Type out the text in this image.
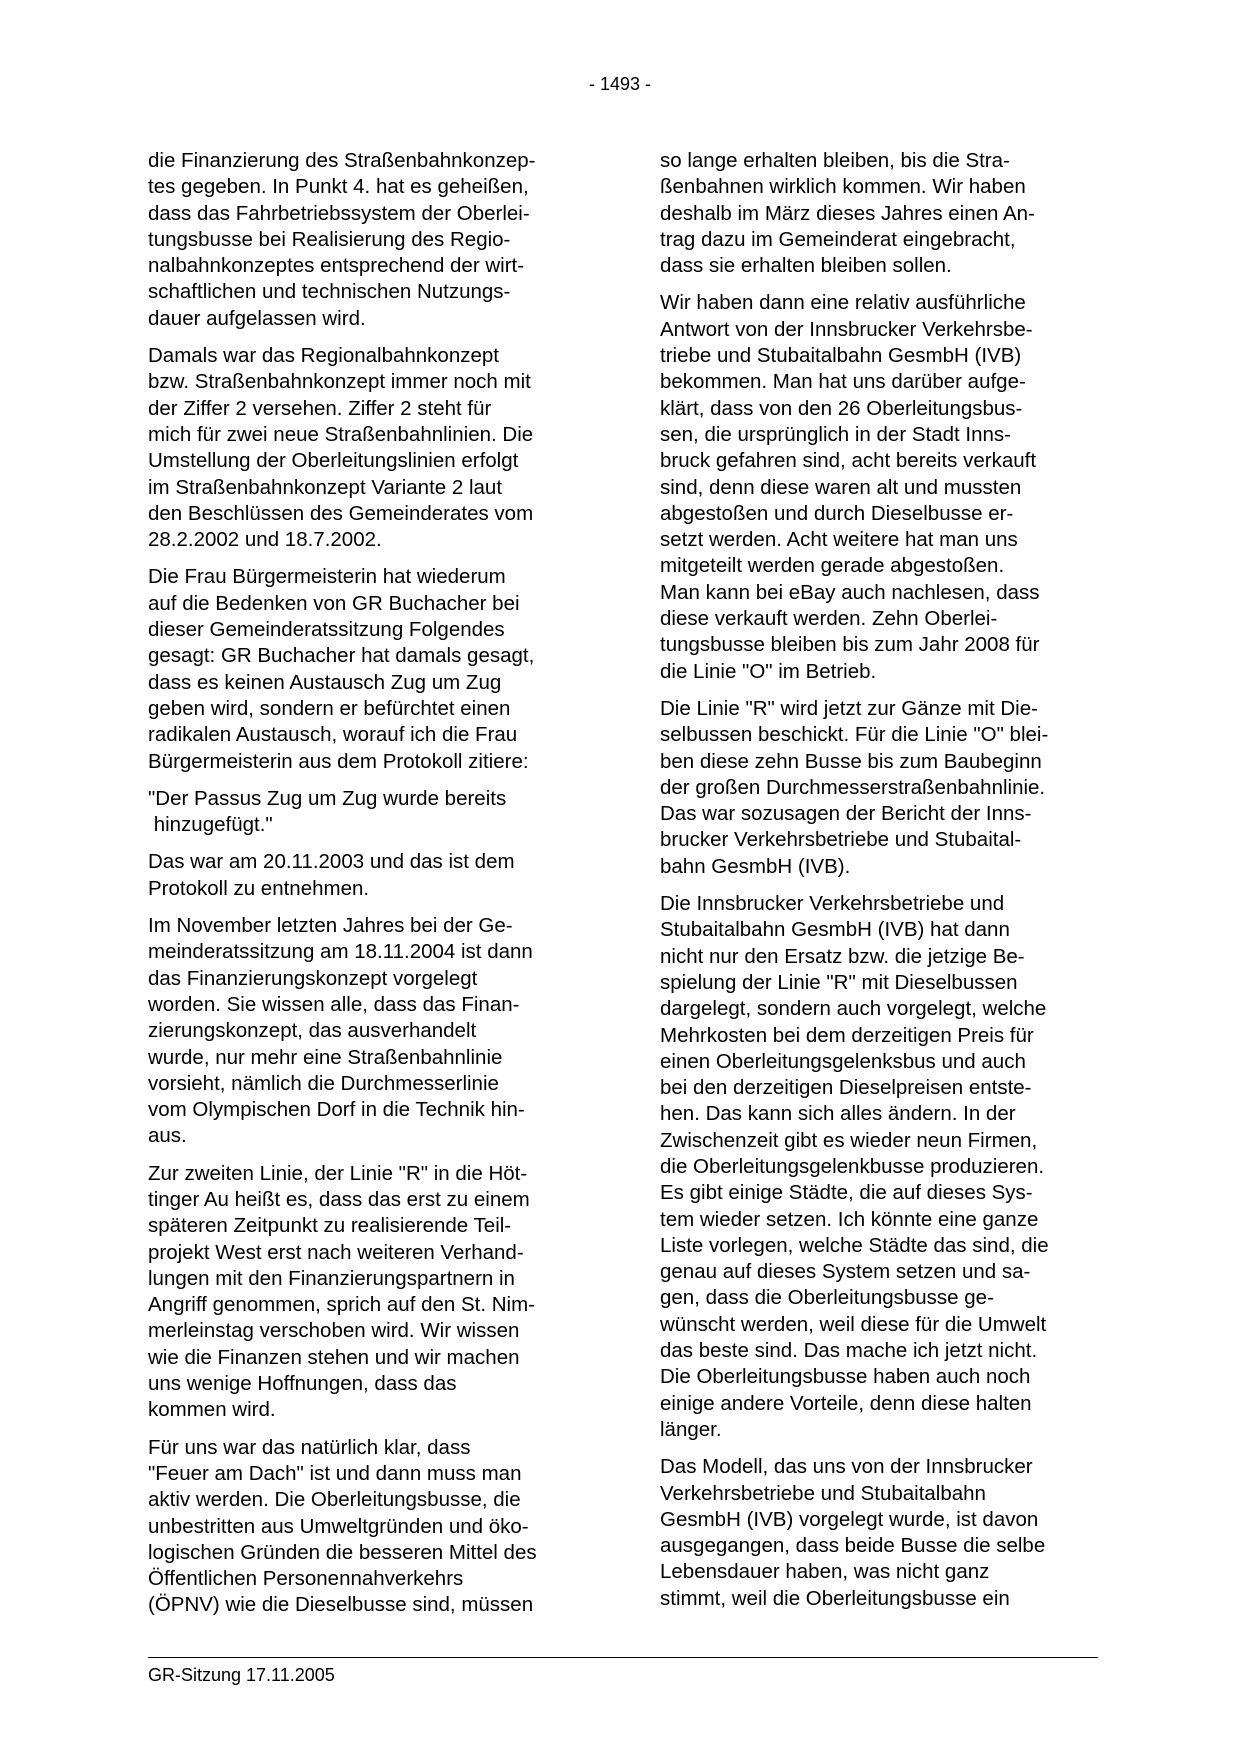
- 1493 -

die Finanzierung des Straßenbahnkonzep-
tes gegeben. In Punkt 4. hat es geheißen,
dass das Fahrbetriebssystem der Oberlei-
tungsbusse bei Realisierung des Regio-
nalbahnkonzeptes entsprechend der wirt-
schaftlichen und technischen Nutzungs-
dauer aufgelassen wird.

Damals war das Regionalbahnkonzept
bzw. Straßenbahnkonzept immer noch mit
der Ziffer 2 versehen. Ziffer 2 steht für
mich für zwei neue Straßenbahnlinien. Die
Umstellung der Oberleitungslinien erfolgt
im Straßenbahnkonzept Variante 2 laut
den Beschlüssen des Gemeinderates vom
28.2.2002 und 18.7.2002.

Die Frau Bürgermeisterin hat wiederum
auf die Bedenken von GR Buchacher bei
dieser Gemeinderatssitzung Folgendes
gesagt: GR Buchacher hat damals gesagt,
dass es keinen Austausch Zug um Zug
geben wird, sondern er befürchtet einen
radikalen Austausch, worauf ich die Frau
Bürgermeisterin aus dem Protokoll zitiere:

"Der Passus Zug um Zug wurde bereits
hinzugefügt."

Das war am 20.11.2003 und das ist dem
Protokoll zu entnehmen.

Im November letzten Jahres bei der Ge-
meinderatssitzung am 18.11.2004 ist dann
das Finanzierungskonzept vorgelegt
worden. Sie wissen alle, dass das Finan-
zierungskonzept, das ausverhandelt
wurde, nur mehr eine Straßenbahnlinie
vorsieht, nämlich die Durchmesserlinie
vom Olympischen Dorf in die Technik hin-
aus.

Zur zweiten Linie, der Linie "R" in die Höt-
tinger Au heißt es, dass das erst zu einem
späteren Zeitpunkt zu realisierende Teil-
projekt West erst nach weiteren Verhand-
lungen mit den Finanzierungspartnern in
Angriff genommen, sprich auf den St. Nim-
merleinstag verschoben wird. Wir wissen
wie die Finanzen stehen und wir machen
uns wenige Hoffnungen, dass das
kommen wird.

Für uns war das natürlich klar, dass
"Feuer am Dach" ist und dann muss man
aktiv werden. Die Oberleitungsbusse, die
unbestritten aus Umweltgründen und öko-
logischen Gründen die besseren Mittel des
Öffentlichen Personennahverkehrs
(ÖPNV) wie die Dieselbusse sind, müssen

so lange erhalten bleiben, bis die Stra-
ßenbahnen wirklich kommen. Wir haben
deshalb im März dieses Jahres einen An-
trag dazu im Gemeinderat eingebracht,
dass sie erhalten bleiben sollen.

Wir haben dann eine relativ ausführliche
Antwort von der Innsbrucker Verkehrsbe-
triebe und Stubaitalbahn GesmbH (IVB)
bekommen. Man hat uns darüber aufge-
klärt, dass von den 26 Oberleitungsbus-
sen, die ursprünglich in der Stadt Inns-
bruck gefahren sind, acht bereits verkauft
sind, denn diese waren alt und mussten
abgestoßen und durch Dieselbusse er-
setzt werden. Acht weitere hat man uns
mitgeteilt werden gerade abgestoßen.
Man kann bei eBay auch nachlesen, dass
diese verkauft werden. Zehn Oberlei-
tungsbusse bleiben bis zum Jahr 2008 für
die Linie "O" im Betrieb.

Die Linie "R" wird jetzt zur Gänze mit Die-
selbussen beschickt. Für die Linie "O" blei-
ben diese zehn Busse bis zum Baubeginn
der großen Durchmesserstraßenbahnlinie.
Das war sozusagen der Bericht der Inns-
brucker Verkehrsbetriebe und Stubaital-
bahn GesmbH (IVB).

Die Innsbrucker Verkehrsbetriebe und
Stubaitalbahn GesmbH (IVB) hat dann
nicht nur den Ersatz bzw. die jetzige Be-
spielung der Linie "R" mit Dieselbussen
dargelegt, sondern auch vorgelegt, welche
Mehrkosten bei dem derzeitigen Preis für
einen Oberleitungsgelenksbus und auch
bei den derzeitigen Dieselpreisen entste-
hen. Das kann sich alles ändern. In der
Zwischenzeit gibt es wieder neun Firmen,
die Oberleitungsgelenkbusse produzieren.
Es gibt einige Städte, die auf dieses Sys-
tem wieder setzen. Ich könnte eine ganze
Liste vorlegen, welche Städte das sind, die
genau auf dieses System setzen und sa-
gen, dass die Oberleitungsbusse ge-
wünscht werden, weil diese für die Umwelt
das beste sind. Das mache ich jetzt nicht.
Die Oberleitungsbusse haben auch noch
einige andere Vorteile, denn diese halten
länger.

Das Modell, das uns von der Innsbrucker
Verkehrsbetriebe und Stubaitalbahn
GesmbH (IVB) vorgelegt wurde, ist davon
ausgegangen, dass beide Busse die selbe
Lebensdauer haben, was nicht ganz
stimmt, weil die Oberleitungsbusse ein

GR-Sitzung 17.11.2005
